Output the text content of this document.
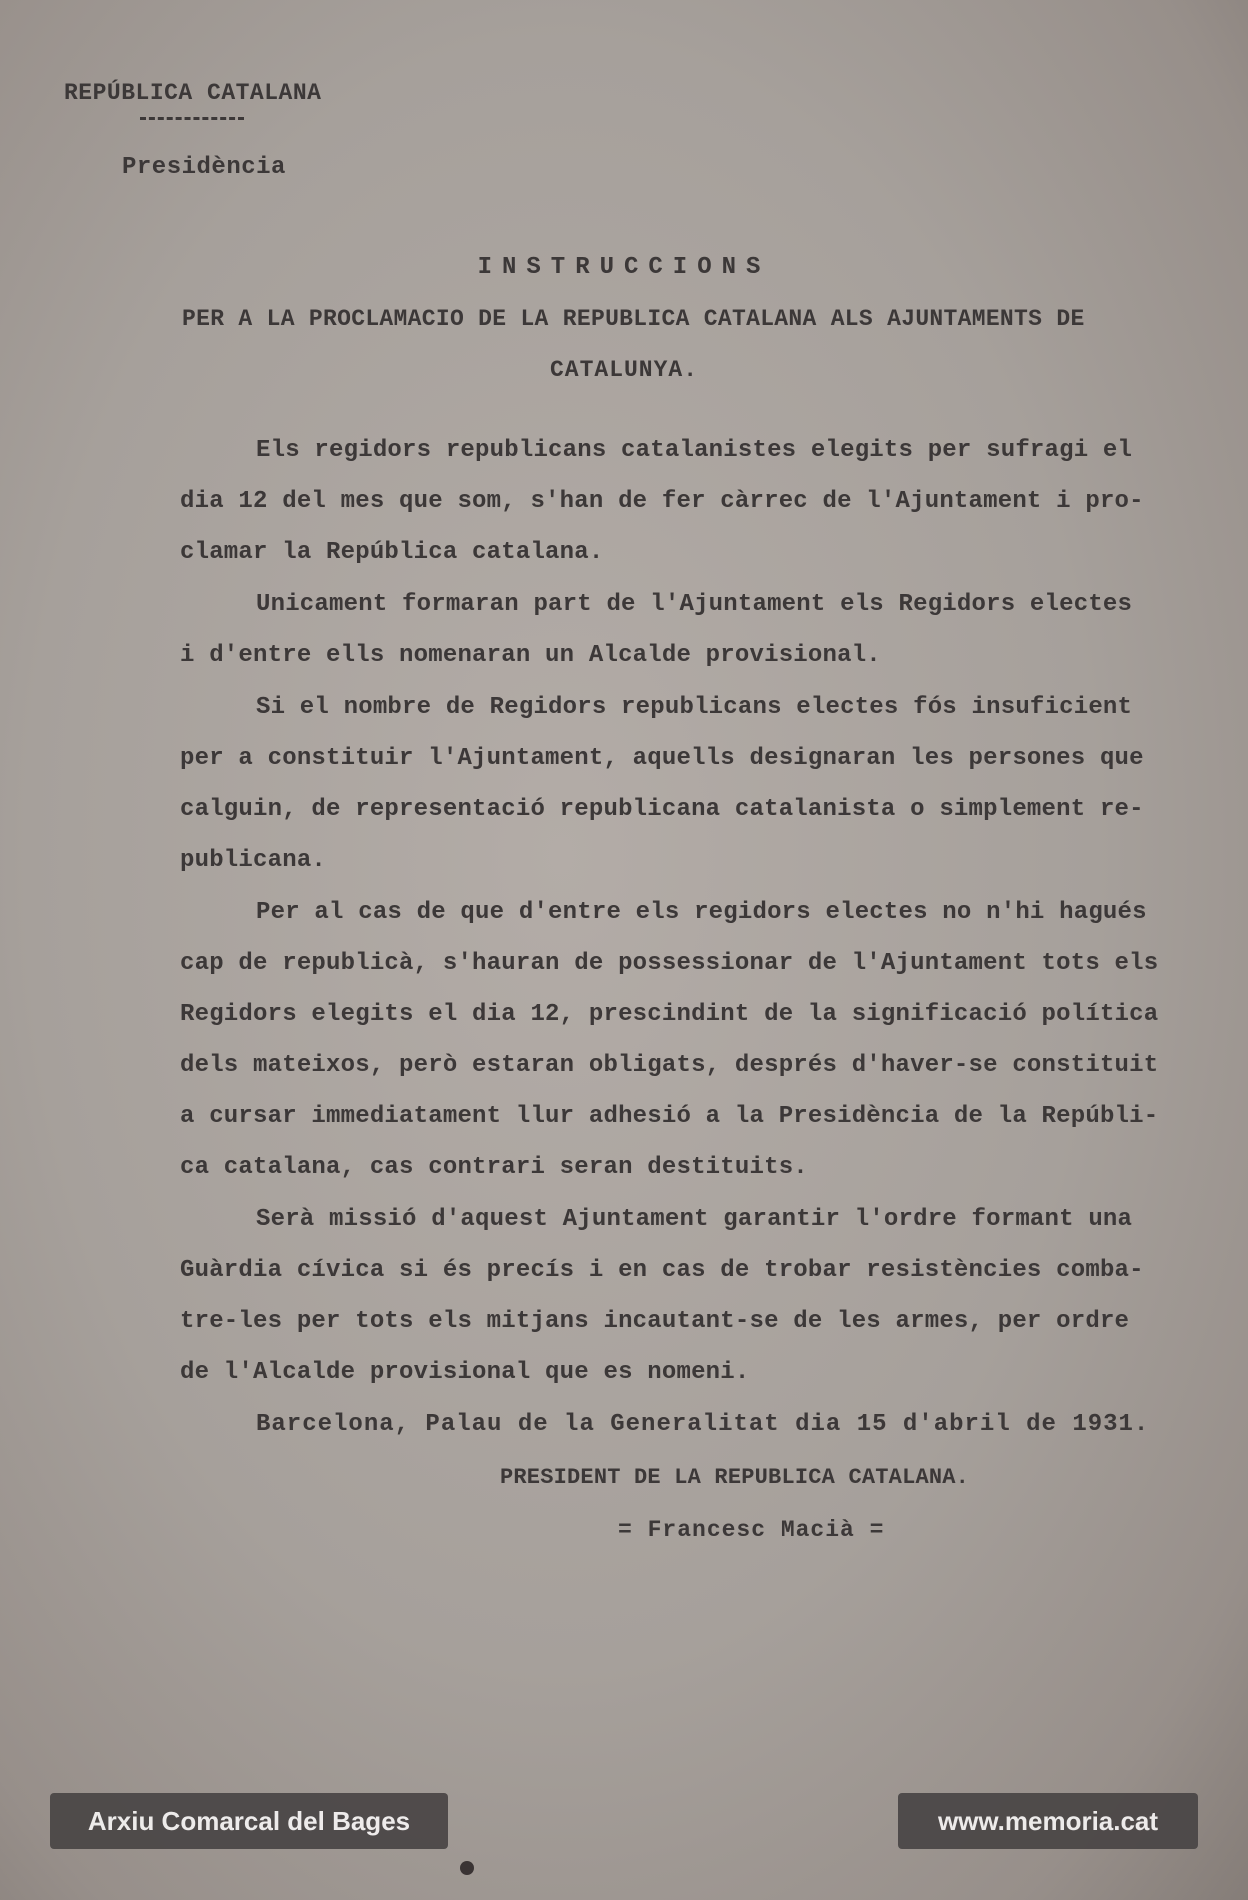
REPÚBLICA CATALANA
Presidència
INSTRUCCIONS
PER A LA PROCLAMACIO DE LA REPUBLICA CATALANA ALS AJUNTAMENTS DE
CATALUNYA.
Els regidors republicans catalanistes elegits per sufragi el
dia 12 del mes que som, s'han de fer càrrec de l'Ajuntament i pro-
clamar la República catalana.
Unicament formaran part de l'Ajuntament els Regidors electes
i d'entre ells nomenaran un Alcalde provisional.
Si el nombre de Regidors republicans electes fós insuficient
per a constituir l'Ajuntament, aquells designaran les persones que
calguin, de representació republicana catalanista o simplement re-
publicana.
Per al cas de que d'entre els regidors electes no n'hi hagués
cap de republicà, s'hauran de possessionar de l'Ajuntament tots els
Regidors elegits el dia 12, prescindint de la significació política
dels mateixos, però estaran obligats, després d'haver-se constituit
a cursar immediatament llur adhesió a la Presidència de la Repúbli-
ca catalana, cas contrari seran destituits.
Serà missió d'aquest Ajuntament garantir l'ordre formant una
Guàrdia cívica si és precís i en cas de trobar resistències comba-
tre-les per tots els mitjans incautant-se de les armes, per ordre
de l'Alcalde provisional que es nomeni.
Barcelona, Palau de la Generalitat dia 15 d'abril de 1931.
PRESIDENT DE LA REPUBLICA CATALANA.
= Francesc Macià =
Arxiu Comarcal del Bages	www.memoria.cat
